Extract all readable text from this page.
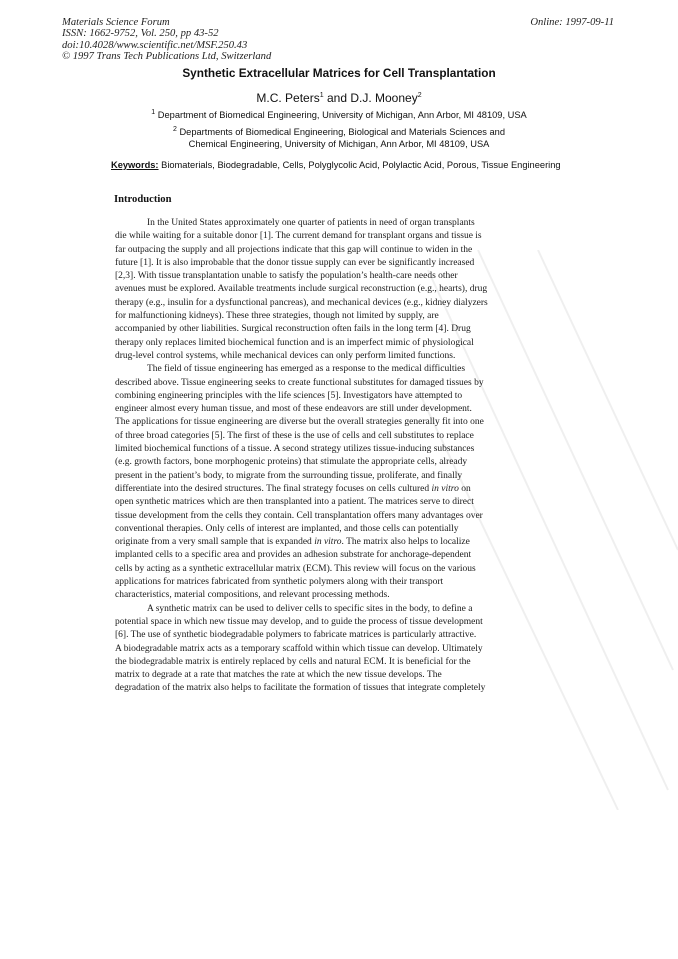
Materials Science Forum
ISSN: 1662-9752, Vol. 250, pp 43-52
doi:10.4028/www.scientific.net/MSF.250.43
© 1997 Trans Tech Publications Ltd, Switzerland
Online: 1997-09-11
Synthetic Extracellular Matrices for Cell Transplantation
M.C. Peters$^1$ and D.J. Mooney$^2$
$^1$ Department of Biomedical Engineering, University of Michigan, Ann Arbor, MI 48109, USA
$^2$ Departments of Biomedical Engineering, Biological and Materials Sciences and
Chemical Engineering, University of Michigan, Ann Arbor, MI 48109, USA
Keywords: Biomaterials, Biodegradable, Cells, Polyglycolic Acid, Polylactic Acid, Porous, Tissue Engineering
Introduction
In the United States approximately one quarter of patients in need of organ transplants
die while waiting for a suitable donor [1]. The current demand for transplant organs and tissue is
far outpacing the supply and all projections indicate that this gap will continue to widen in the
future [1]. It is also improbable that the donor tissue supply can ever be significantly increased
[2,3]. With tissue transplantation unable to satisfy the population’s health-care needs other
avenues must be explored. Available treatments include surgical reconstruction (e.g., hearts), drug
therapy (e.g., insulin for a dysfunctional pancreas), and mechanical devices (e.g., kidney dialyzers
for malfunctioning kidneys). These three strategies, though not limited by supply, are
accompanied by other liabilities. Surgical reconstruction often fails in the long term [4]. Drug
therapy only replaces limited biochemical function and is an imperfect mimic of physiological
drug-level control systems, while mechanical devices can only perform limited functions.
The field of tissue engineering has emerged as a response to the medical difficulties
described above. Tissue engineering seeks to create functional substitutes for damaged tissues by
combining engineering principles with the life sciences [5]. Investigators have attempted to
engineer almost every human tissue, and most of these endeavors are still under development.
The applications for tissue engineering are diverse but the overall strategies generally fit into one
of three broad categories [5]. The first of these is the use of cells and cell substitutes to replace
limited biochemical functions of a tissue. A second strategy utilizes tissue-inducing substances
(e.g. growth factors, bone morphogenic proteins) that stimulate the appropriate cells, already
present in the patient’s body, to migrate from the surrounding tissue, proliferate, and finally
differentiate into the desired structures. The final strategy focuses on cells cultured in vitro on
open synthetic matrices which are then transplanted into a patient. The matrices serve to direct
tissue development from the cells they contain. Cell transplantation offers many advantages over
conventional therapies. Only cells of interest are implanted, and those cells can potentially
originate from a very small sample that is expanded in vitro. The matrix also helps to localize
implanted cells to a specific area and provides an adhesion substrate for anchorage-dependent
cells by acting as a synthetic extracellular matrix (ECM). This review will focus on the various
applications for matrices fabricated from synthetic polymers along with their transport
characteristics, material compositions, and relevant processing methods.
A synthetic matrix can be used to deliver cells to specific sites in the body, to define a
potential space in which new tissue may develop, and to guide the process of tissue development
[6]. The use of synthetic biodegradable polymers to fabricate matrices is particularly attractive.
A biodegradable matrix acts as a temporary scaffold within which tissue can develop. Ultimately
the biodegradable matrix is entirely replaced by cells and natural ECM. It is beneficial for the
matrix to degrade at a rate that matches the rate at which the new tissue develops. The
degradation of the matrix also helps to facilitate the formation of tissues that integrate completely
